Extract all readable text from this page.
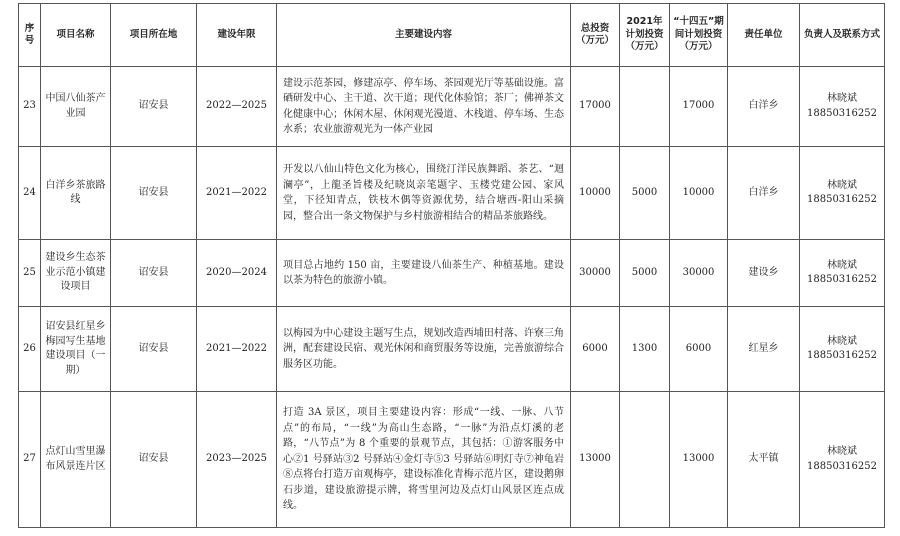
序号	项目名称	项目所在地	建设年限	主要建设内容	总投资（万元）	2021年计划投资（万元）	“十四五”期间计划投资（万元）	责任单位	负责人及联系方式
23	中国八仙茶产业园	诏安县	2022—2025	建设示范茶园，修建凉亭、停车场、茶园观光厅等基础设施。富硒研发中心、主干道、次干道；现代化体验馆；茶厂；佛禅茶文化健康中心；休闲木屋、休闲观光漫道、木栈道、停车场、生态水系；农业旅游观光为一体产业园	17000		17000	白洋乡	林晓斌
18850316252

24	白洋乡茶旅路线	诏安县	2021—2022	开发以八仙山特色文化为核心，围绕汀洋民族舞蹈、茶艺、“迴澜亭”，上龍圣旨楼及纪晓岚亲笔题字、玉楼党建公园、家风堂，下径知青点，铁枝木偶等资源优势，结合塘西-阳山采摘园，整合出一条文物保护与乡村旅游相结合的精品茶旅路线。	10000	5000	10000	白洋乡	林晓斌
18850316252

25	建设乡生态茶业示范小镇建设项目	诏安县	2020—2024	项目总占地约 150 亩，主要建设八仙茶生产、种植基地。建设以茶为特色的旅游小镇。	30000	5000	30000	建设乡	林晓斌
18850316252

26	诏安县红星乡梅园写生基地建设项目（一期）	诏安县	2021—2022	以梅园为中心建设主题写生点，规划改造西埔田村落、许寮三角洲，配套建设民宿、观光休闲和商贸服务等设施，完善旅游综合服务区功能。	6000	1300	6000	红星乡	林晓斌
18850316252

27	点灯山雪里瀑布风景连片区	诏安县	2023—2025	打造 3A 景区，项目主要建设内容：形成“一线、一脉、八节点”的布局，“一线”为高山生态路，“一脉”为沿点灯溪的老路，“八节点”为 8 个重要的景观节点，其包括：①游客服务中心②1 号驿站③2 号驿站④金灯寺⑤3 号驿站⑥明灯寺⑦神龟岩⑧点将台打造万亩观梅亭，建设标准化青梅示范片区，建设鹅卵石步道，建设旅游提示牌，将雪里河边及点灯山风景区连点成线。	13000		13000	太平镇	林晓斌
18850316252
